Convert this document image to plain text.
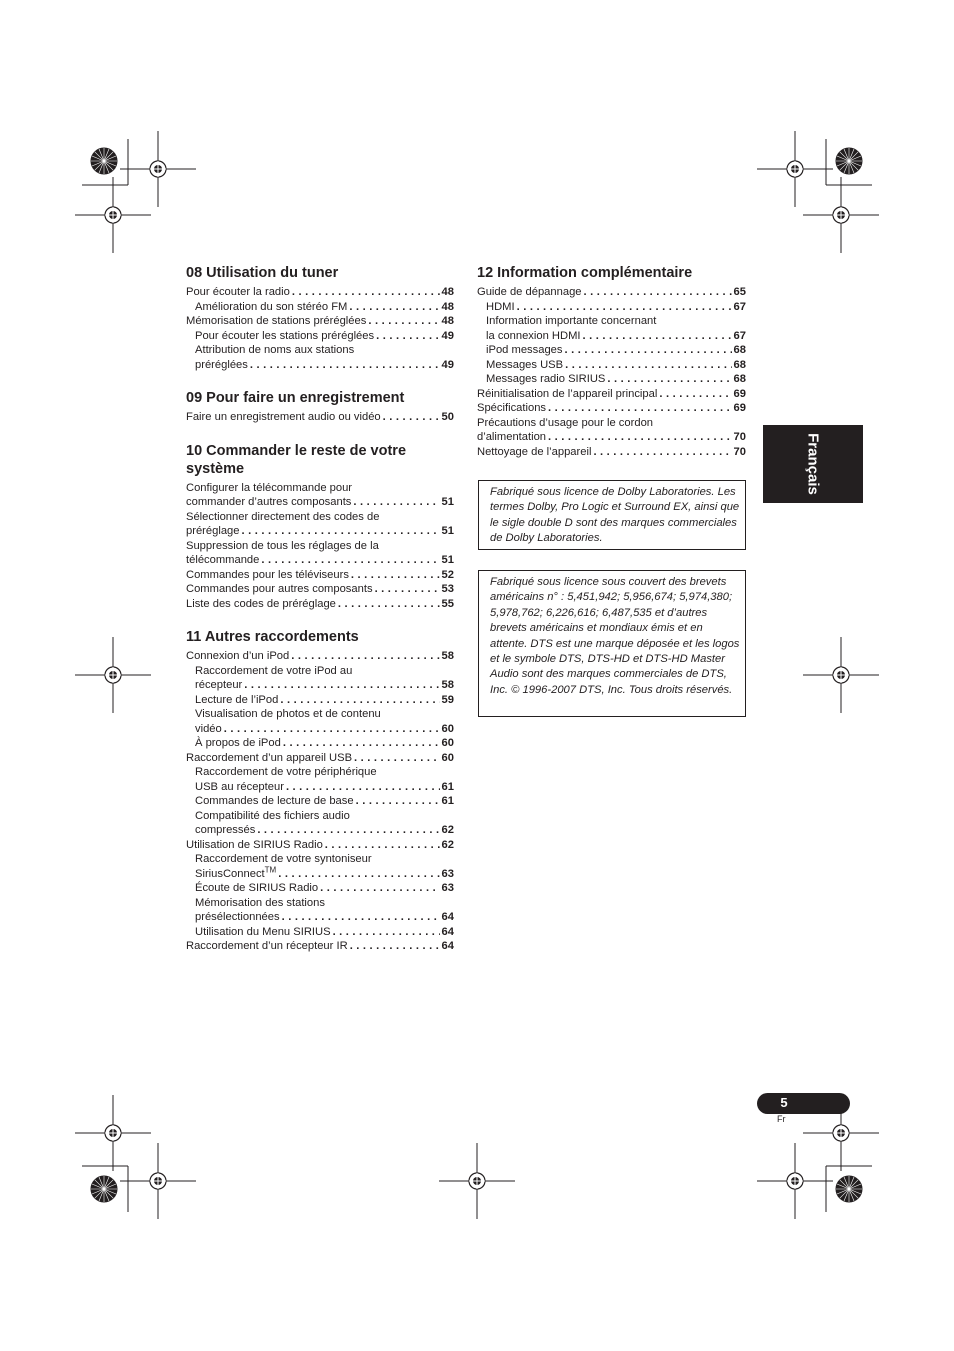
08 Utilisation du tuner
Pour écouter la radio . . .	48
Amélioration du son stéréo FM . . .	48
Mémorisation de stations préréglées . . .	48
Pour écouter les stations préréglées . . .	49
Attribution de noms aux stations
préréglées . . .	49
09 Pour faire un enregistrement
Faire un enregistrement audio ou vidéo . . .	50
10 Commander le reste de votre système
Configurer la télécommande pour
commander d’autres composants . . .	51
Sélectionner directement des codes de
préréglage . . .	51
Suppression de tous les réglages de la
télécommande . . .	51
Commandes pour les téléviseurs . . .	52
Commandes pour autres composants . . .	53
Liste des codes de préréglage . . .	55
11 Autres raccordements
Connexion d’un iPod . . .	58
Raccordement de votre iPod au
récepteur . . .	58
Lecture de l’iPod . . .	59
Visualisation de photos et de contenu
vidéo . . .	60
À propos de iPod . . .	60
Raccordement d’un appareil USB . . .	60
Raccordement de votre périphérique
USB au récepteur . . .	61
Commandes de lecture de base . . .	61
Compatibilité des fichiers audio
compressés . . .	62
Utilisation de SIRIUS Radio . . .	62
Raccordement de votre syntoniseur
SiriusConnect™ . . .	63
Écoute de SIRIUS Radio . . .	63
Mémorisation des stations
présélectionnées . . .	64
Utilisation du Menu SIRIUS . . .	64
Raccordement d’un récepteur IR . . .	64
12 Information complémentaire
Guide de dépannage . . .	65
HDMI . . .	67
Information importante concernant
la connexion HDMI . . .	67
iPod messages . . .	68
Messages USB . . .	68
Messages radio SIRIUS . . .	68
Réinitialisation de l’appareil principal . . .	69
Spécifications . . .	69
Précautions d’usage pour le cordon
d’alimentation . . .	70
Nettoyage de l’appareil . . .	70

Fabriqué sous licence de Dolby Laboratories. Les termes Dolby, Pro Logic et Surround EX, ainsi que le sigle double D sont des marques commerciales de Dolby Laboratories.

Fabriqué sous licence sous couvert des brevets américains n° : 5,451,942; 5,956,674; 5,974,380; 5,978,762; 6,226,616; 6,487,535 et d’autres brevets américains et mondiaux émis et en attente. DTS est une marque déposée et les logos et le symbole DTS, DTS-HD et DTS-HD Master Audio sont des marques commerciales de DTS, Inc. © 1996-2007 DTS, Inc. Tous droits réservés.

Français
5
Fr
